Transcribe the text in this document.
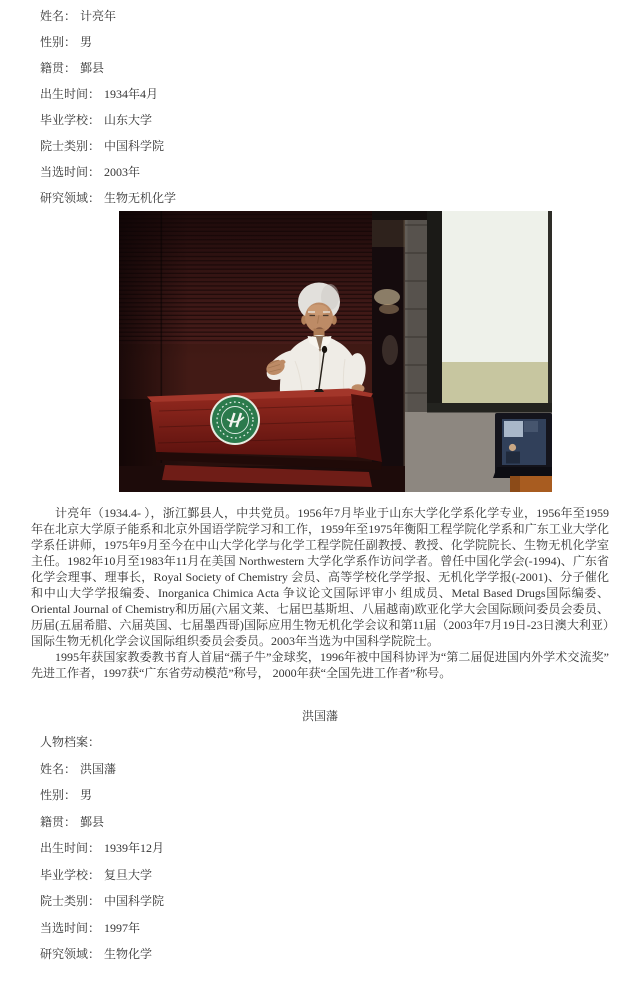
姓名： 计亮年

性别： 男

籍贯： 鄞县

出生时间： 1934年4月

毕业学校： 山东大学

院士类别： 中国科学院

当选时间： 2003年

研究领域： 生物无机化学

计亮年（1934.4- ），浙江鄞县人，中共党员。1956年7月毕业于山东大学化学系化学专业，1956年至1959年在北京大学原子能系和北京外国语学院学习和工作，1959年至1975年衡阳工程学院化学系和广东工业大学化学系任讲师，1975年9月至今在中山大学化学与化学工程学院任副教授、教授、化学院院长、生物无机化学室主任。1982年10月至1983年11月在美国 Northwestern 大学化学系作访问学者。曾任中国化学会(-1994)、广东省化学会理事、理事长，Royal Society of Chemistry 会员、高等学校化学学报、无机化学学报(-2001)、分子催化和中山大学学报编委、Inorganica Chimica Acta 争议论文国际评审小 组成员、Metal Based Drugs国际编委、Oriental Journal of Chemistry和历届(六届文莱、七届巴基斯坦、八届越南)欧亚化学大会国际顾问委员会委员、历届(五届希腊、六届英国、七届墨西哥)国际应用生物无机化学会议和第11届（2003年7月19日-23日澳大利亚）国际生物无机化学会议国际组织委员会委员。2003年当选为中国科学院院士。

1995年获国家教委教书育人首届“孺子牛”金球奖，1996年被中国科协评为“第二届促进国内外学术交流奖”先进工作者，1997获“广东省劳动模范”称号， 2000年获“全国先进工作者”称号。

洪国藩

人物档案：

姓名： 洪国藩

性别： 男

籍贯： 鄞县

出生时间： 1939年12月

毕业学校： 复旦大学

院士类别： 中国科学院

当选时间： 1997年

研究领域： 生物化学
